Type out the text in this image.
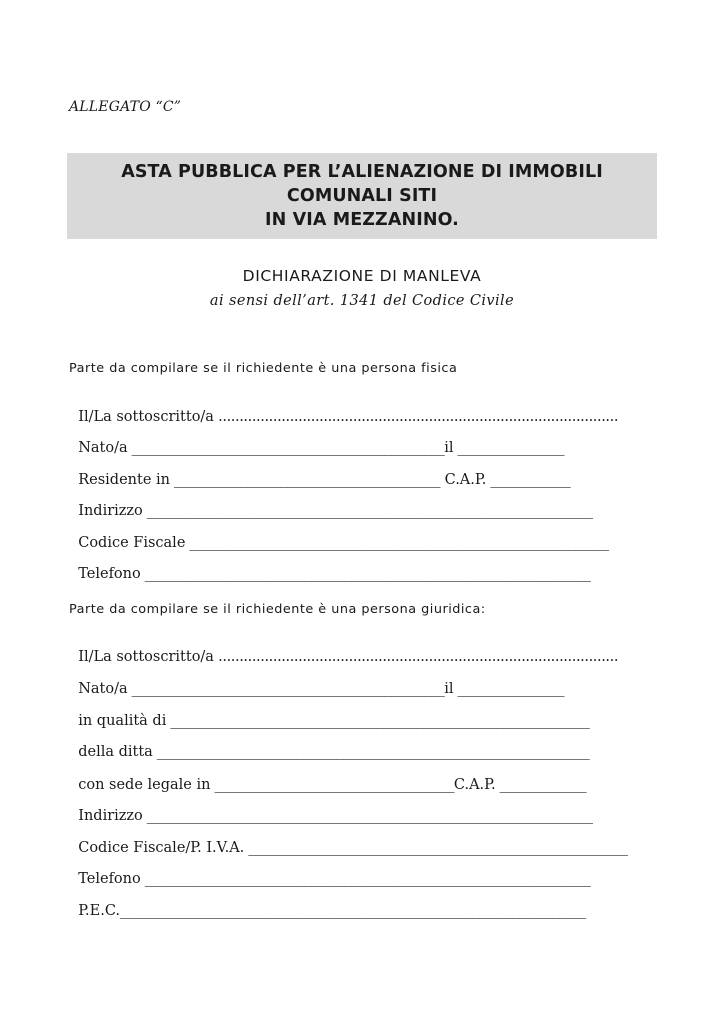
ALLEGATO “C”
ASTA PUBBLICA PER L’ALIENAZIONE DI IMMOBILI COMUNALI SITI
IN VIA MEZZANINO.
DICHIARAZIONE DI MANLEVA
ai sensi dell’art. 1341 del Codice Civile
Parte da compilare se il richiedente è una persona fisica

Il/La sottoscritto/a ...............................................................................................

Nato/a _______________________________________________il ________________

Residente in ________________________________________ C.A.P. ____________

Indirizzo ___________________________________________________________________

Codice Fiscale _______________________________________________________________

Telefono ___________________________________________________________________

Parte da compilare se il richiedente è una persona giuridica:

Il/La sottoscritto/a ...............................................................................................

Nato/a _______________________________________________il ________________

in qualità di _______________________________________________________________

della ditta _________________________________________________________________

con sede legale in ____________________________________C.A.P. _____________

Indirizzo ___________________________________________________________________

Codice Fiscale/P. I.V.A. _________________________________________________________

Telefono ___________________________________________________________________

P.E.C.______________________________________________________________________
